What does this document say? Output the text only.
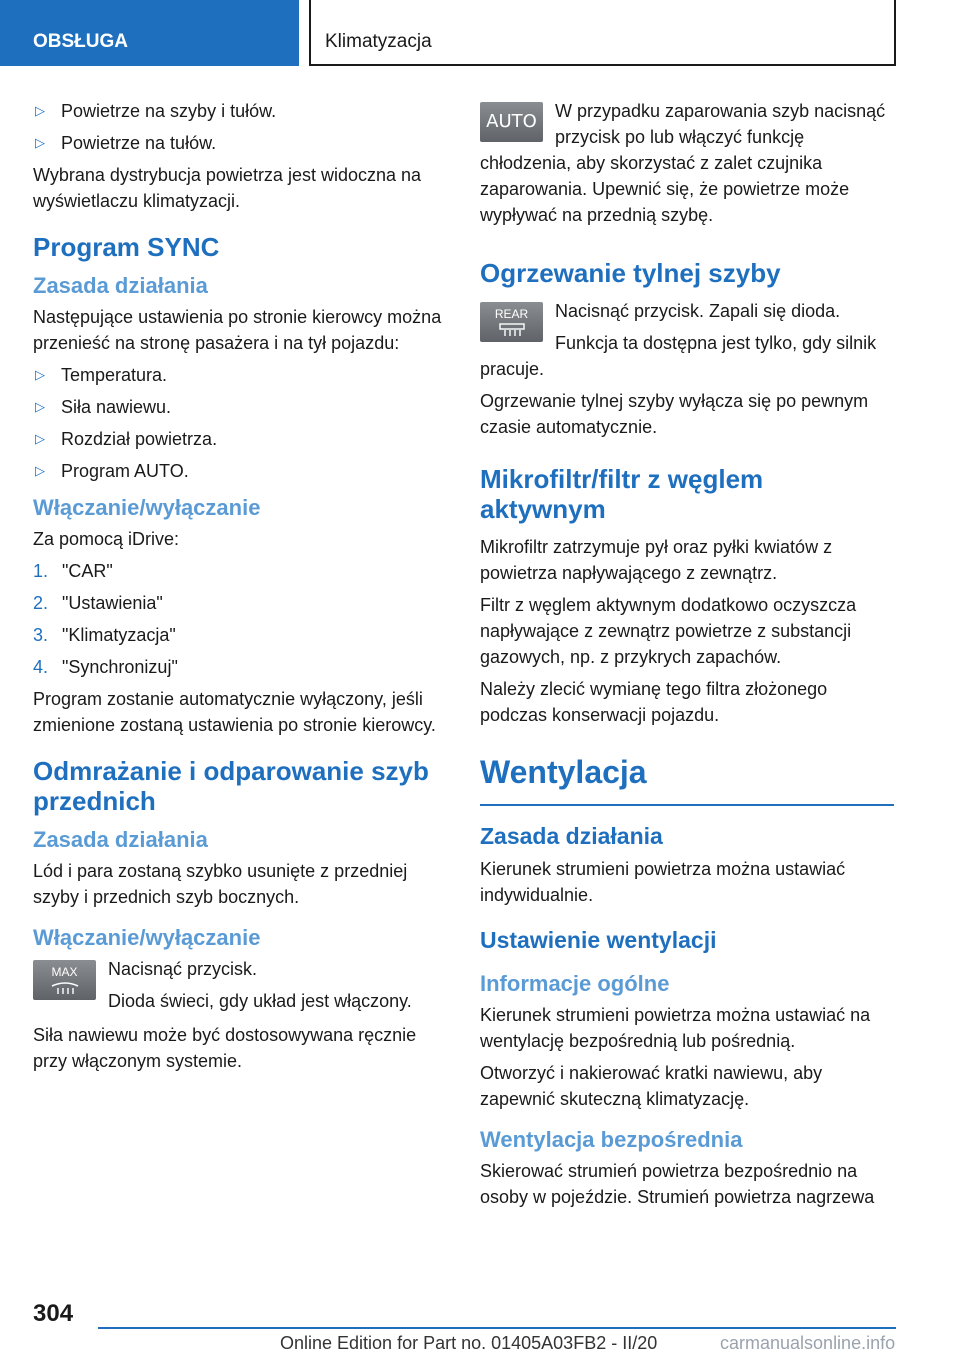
OBSŁUGA	Klimatyzacja
▷ Powietrze na szyby i tułów.
▷ Powietrze na tułów.

Wybrana dystrybucja powietrza jest widoczna na wyświetlaczu klimatyzacji.

Program SYNC
Zasada działania

Następujące ustawienia po stronie kierowcy można przenieść na stronę pasażera i na tył pojazdu:

▷ Temperatura.
▷ Siła nawiewu.
▷ Rozdział powietrza.
▷ Program AUTO.
Włączanie/wyłączanie

Za pomocą iDrive:

1. "CAR"
2. "Ustawienia"
3. "Klimatyzacja"
4. "Synchronizuj"

Program zostanie automatycznie wyłączony, jeśli zmienione zostaną ustawienia po stronie kierowcy.

Odmrażanie i odparowanie szyb przednich
Zasada działania

Lód i para zostaną szybko usunięte z przedniej szyby i przednich szyb bocznych.

Włączanie/wyłączanie
MAX	Nacisnąć przycisk.

Dioda świeci, gdy układ jest włączony.

Siła nawiewu może być dostosowywana ręcznie przy włączonym systemie.

AUTO	W przypadku zaparowania szyb nacisnąć przycisk po lub włączyć funkcję chłodzenia, aby skorzystać z zalet czujnika zaparowania. Upewnić się, że powietrze może wypływać na przednią szybę.

Ogrzewanie tylnej szyby
REAR	Nacisnąć przycisk. Zapali się dioda.

Funkcja ta dostępna jest tylko, gdy silnik pracuje.

Ogrzewanie tylnej szyby wyłącza się po pewnym czasie automatycznie.

Mikrofiltr/filtr z węglem aktywnym

Mikrofiltr zatrzymuje pył oraz pyłki kwiatów z powietrza napływającego z zewnątrz.

Filtr z węglem aktywnym dodatkowo oczyszcza napływające z zewnątrz powietrze z substancji gazowych, np. z przykrych zapachów.

Należy zlecić wymianę tego filtra złożonego podczas konserwacji pojazdu.

Wentylacja
Zasada działania

Kierunek strumieni powietrza można ustawiać indywidualnie.

Ustawienie wentylacji
Informacje ogólne

Kierunek strumieni powietrza można ustawiać na wentylację bezpośrednią lub pośrednią.

Otworzyć i nakierować kratki nawiewu, aby zapewnić skuteczną klimatyzację.

Wentylacja bezpośrednia

Skierować strumień powietrza bezpośrednio na osoby w pojeździe. Strumień powietrza nagrzewa

304
Online Edition for Part no. 01405A03FB2 - II/20	carmanualsonline.info
